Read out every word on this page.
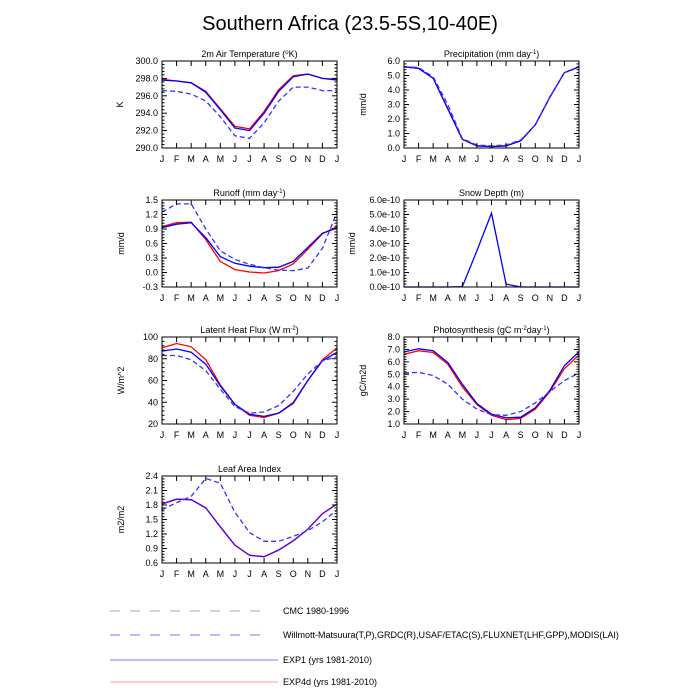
Southern Africa (23.5-5S,10-40E)
J F M A M J J A S O N D J
290.0
292.0
294.0
296.0
298.0
300.0
2m Air Temperature ($^o$K)
K
J F M A M J J A S O N D J
0.0
1.0
2.0
3.0
4.0
5.0
6.0
Precipitation (mm day$^{-1}$)
mm/d
J F M A M J J A S O N D J
-0.3
0.0
0.3
0.6
0.9
1.2
1.5
Runoff (mm day$^{-1}$)
mm/d
J F M A M J J A S O N D J
0.0e-10
1.0e-10
2.0e-10
3.0e-10
4.0e-10
5.0e-10
6.0e-10
Snow Depth (m)
mm/d
J F M A M J J A S O N D J
20
40
60
80
100
Latent Heat Flux (W $m^{-2}$)
W/m^2
J F M A M J J A S O N D J
1.0
2.0
3.0
4.0
5.0
6.0
7.0
8.0
Photosynthesis (gC $m^{-2}day^{-1}$)
gC/m2d
J F M A M J J A S O N D J
0.6
0.9
1.2
1.5
1.8
2.1
2.4
Leaf Area Index
m2/m2
CMC 1980-1996
Willmott-Matsuura(T,P),GRDC(R),USAF/ETAC(S),FLUXNET(LHF,GPP),MODIS(LAI)
EXP1 (yrs 1981-2010)
EXP4d (yrs 1981-2010)
